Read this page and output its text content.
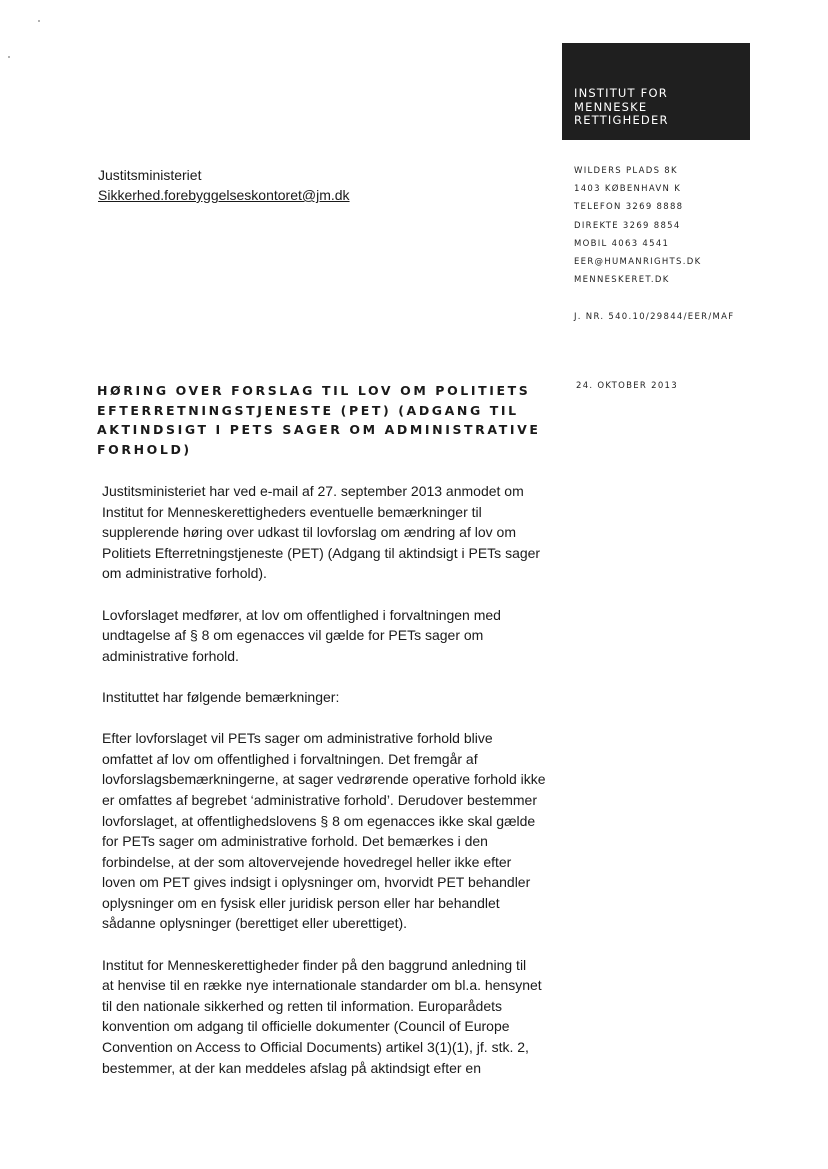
INSTITUT FOR
MENNESKE
RETTIGHEDER
Justitsministeriet
Sikkerhed.forebyggelseskontoret@jm.dk
WILDERS PLADS 8K
1403 KØBENHAVN K
TELEFON 3269 8888
DIREKTE 3269 8854
MOBIL 4063 4541
EER@HUMANRIGHTS.DK
MENNESKERET.DK
J. NR. 540.10/29844/EER/MAF
24. OKTOBER 2013
HØRING OVER FORSLAG TIL LOV OM POLITIETS
EFTERRETNINGSTJENESTE (PET) (ADGANG TIL
AKTINDSIGT I PETS SAGER OM ADMINISTRATIVE
FORHOLD)
Justitsministeriet har ved e-mail af 27. september 2013 anmodet om
Institut for Menneskerettigheders eventuelle bemærkninger til
supplerende høring over udkast til lovforslag om ændring af lov om
Politiets Efterretningstjeneste (PET) (Adgang til aktindsigt i PETs sager
om administrative forhold).
Lovforslaget medfører, at lov om offentlighed i forvaltningen med
undtagelse af § 8 om egenacces vil gælde for PETs sager om
administrative forhold.
Instituttet har følgende bemærkninger:
Efter lovforslaget vil PETs sager om administrative forhold blive
omfattet af lov om offentlighed i forvaltningen. Det fremgår af
lovforslagsbemærkningerne, at sager vedrørende operative forhold ikke
er omfattes af begrebet ‘administrative forhold’. Derudover bestemmer
lovforslaget, at offentlighedslovens § 8 om egenacces ikke skal gælde
for PETs sager om administrative forhold. Det bemærkes i den
forbindelse, at der som altovervejende hovedregel heller ikke efter
loven om PET gives indsigt i oplysninger om, hvorvidt PET behandler
oplysninger om en fysisk eller juridisk person eller har behandlet
sådanne oplysninger (berettiget eller uberettiget).
Institut for Menneskerettigheder finder på den baggrund anledning til
at henvise til en række nye internationale standarder om bl.a. hensynet
til den nationale sikkerhed og retten til information. Europarådets
konvention om adgang til officielle dokumenter (Council of Europe
Convention on Access to Official Documents) artikel 3(1)(1), jf. stk. 2,
bestemmer, at der kan meddeles afslag på aktindsigt efter en
